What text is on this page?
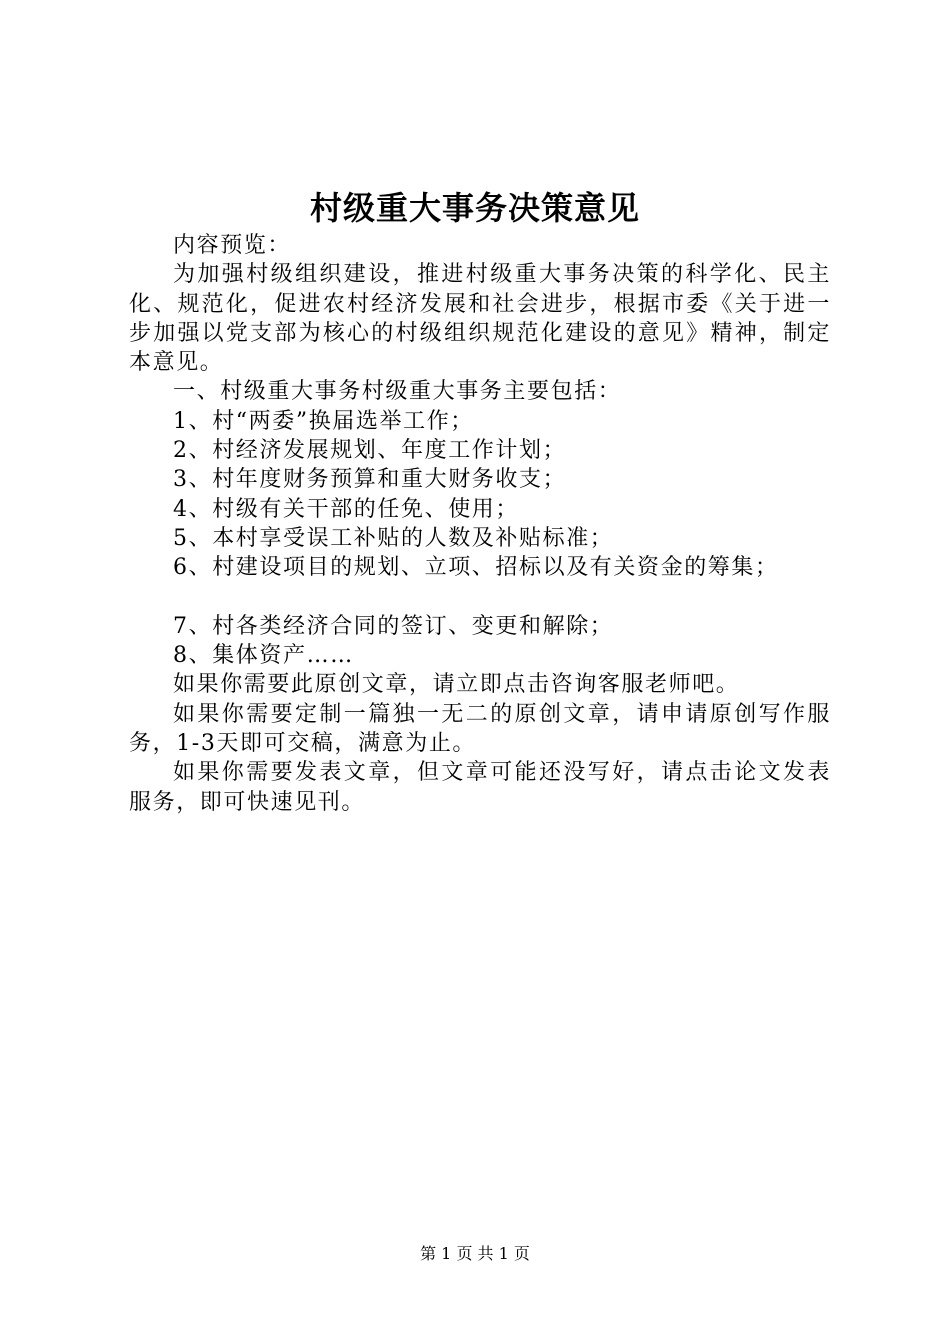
村级重大事务决策意见

内容预览：

为加强村级组织建设，推进村级重大事务决策的科学化、民主化、规范化，促进农村经济发展和社会进步，根据市委《关于进一步加强以党支部为核心的村级组织规范化建设的意见》精神，制定本意见。

一、村级重大事务村级重大事务主要包括：

1、村“两委”换届选举工作；

2、村经济发展规划、年度工作计划；

3、村年度财务预算和重大财务收支；

4、村级有关干部的任免、使用；

5、本村享受误工补贴的人数及补贴标准；

6、村建设项目的规划、立项、招标以及有关资金的筹集；

7、村各类经济合同的签订、变更和解除；

8、集体资产……

如果你需要此原创文章，请立即点击咨询客服老师吧。

如果你需要定制一篇独一无二的原创文章，请申请原创写作服务，1-3天即可交稿，满意为止。

如果你需要发表文章，但文章可能还没写好，请点击论文发表服务，即可快速见刊。

第 1 页 共 1 页
